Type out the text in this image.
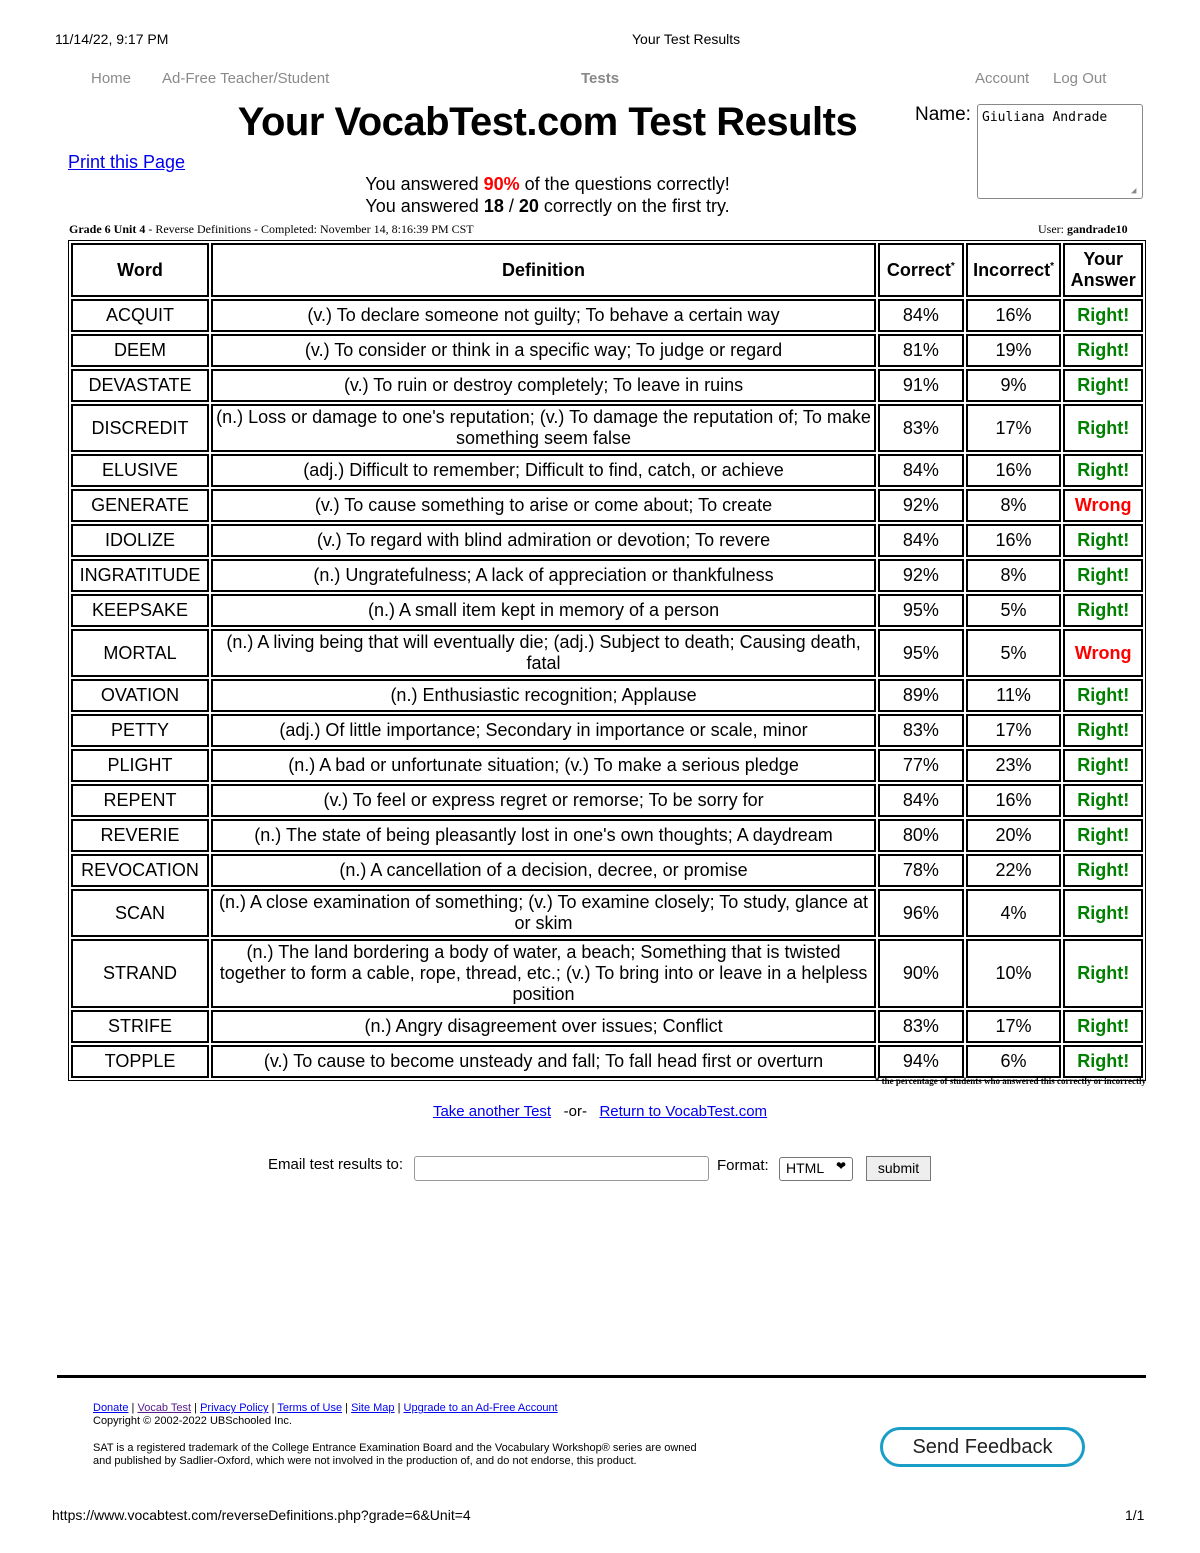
11/14/22, 9:17 PM	Your Test Results
Home Ad-Free Teacher/Student	Tests	Account Log Out
Your VocabTest.com Test Results
Print this Page
Name: Giuliana Andrade
◢
You answered 90% of the questions correctly!
You answered 18 / 20 correctly on the first try.
Grade 6 Unit 4 - Reverse Definitions - Completed: November 14, 8:16:39 PM CST	User: gandrade10
Word	Definition	Correct*	Incorrect*	Your Answer
ACQUIT	(v.) To declare someone not guilty; To behave a certain way	84%	16%	Right!
DEEM	(v.) To consider or think in a specific way; To judge or regard	81%	19%	Right!
DEVASTATE	(v.) To ruin or destroy completely; To leave in ruins	91%	9%	Right!
DISCREDIT	(n.) Loss or damage to one's reputation; (v.) To damage the reputation of; To make something seem false	83%	17%	Right!
ELUSIVE	(adj.) Difficult to remember; Difficult to find, catch, or achieve	84%	16%	Right!
GENERATE	(v.) To cause something to arise or come about; To create	92%	8%	Wrong
IDOLIZE	(v.) To regard with blind admiration or devotion; To revere	84%	16%	Right!
INGRATITUDE	(n.) Ungratefulness; A lack of appreciation or thankfulness	92%	8%	Right!
KEEPSAKE	(n.) A small item kept in memory of a person	95%	5%	Right!
MORTAL	(n.) A living being that will eventually die; (adj.) Subject to death; Causing death, fatal	95%	5%	Wrong
OVATION	(n.) Enthusiastic recognition; Applause	89%	11%	Right!
PETTY	(adj.) Of little importance; Secondary in importance or scale, minor	83%	17%	Right!
PLIGHT	(n.) A bad or unfortunate situation; (v.) To make a serious pledge	77%	23%	Right!
REPENT	(v.) To feel or express regret or remorse; To be sorry for	84%	16%	Right!
REVERIE	(n.) The state of being pleasantly lost in one's own thoughts; A daydream	80%	20%	Right!
REVOCATION	(n.) A cancellation of a decision, decree, or promise	78%	22%	Right!
SCAN	(n.) A close examination of something; (v.) To examine closely; To study, glance at or skim	96%	4%	Right!
STRAND	(n.) The land bordering a body of water, a beach; Something that is twisted together to form a cable, rope, thread, etc.; (v.) To bring into or leave in a helpless position	90%	10%	Right!
STRIFE	(n.) Angry disagreement over issues; Conflict	83%	17%	Right!
TOPPLE	(v.) To cause to become unsteady and fall; To fall head first or overturn	94%	6%	Right!
* the percentage of students who answered this correctly or incorrectly
Take another Test -or- Return to VocabTest.com
Email test results to:	Format:	HTML ❤	submit
Donate | Vocab Test | Privacy Policy | Terms of Use | Site Map | Upgrade to an Ad-Free Account
Copyright © 2002-2022 UBSchooled Inc.
SAT is a registered trademark of the College Entrance Examination Board and the Vocabulary Workshop® series are owned
and published by Sadlier-Oxford, which were not involved in the production of, and do not endorse, this product.
Send Feedback
https://www.vocabtest.com/reverseDefinitions.php?grade=6&Unit=4	1/1
